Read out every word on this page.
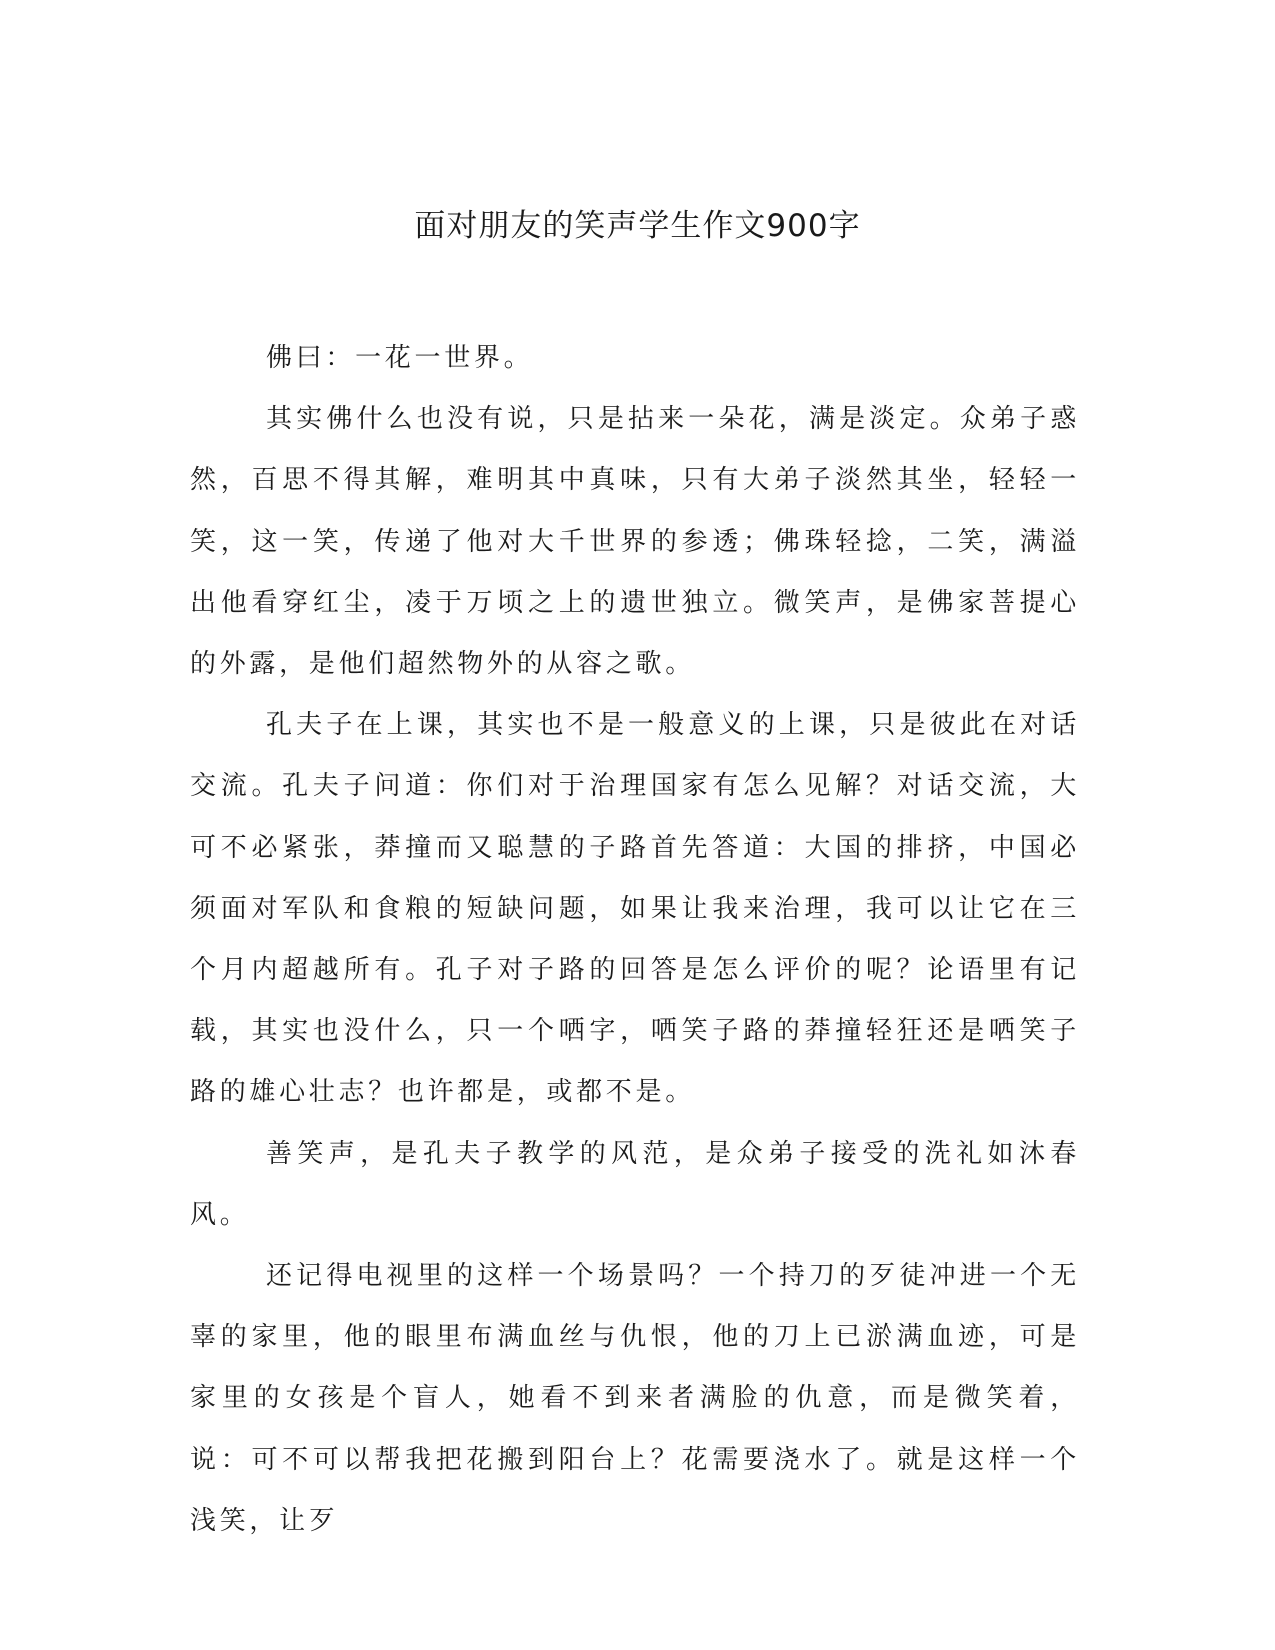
面对朋友的笑声学生作文900字

佛曰：一花一世界。

其实佛什么也没有说，只是拈来一朵花，满是淡定。众弟子惑然，百思不得其解，难明其中真味，只有大弟子淡然其坐，轻轻一笑，这一笑，传递了他对大千世界的参透；佛珠轻捻，二笑，满溢出他看穿红尘，凌于万顷之上的遗世独立。微笑声，是佛家菩提心的外露，是他们超然物外的从容之歌。

孔夫子在上课，其实也不是一般意义的上课，只是彼此在对话交流。孔夫子问道：你们对于治理国家有怎么见解？对话交流，大可不必紧张，莽撞而又聪慧的子路首先答道：大国的排挤，中国必须面对军队和食粮的短缺问题，如果让我来治理，我可以让它在三个月内超越所有。孔子对子路的回答是怎么评价的呢？论语里有记载，其实也没什么，只一个哂字，哂笑子路的莽撞轻狂还是哂笑子路的雄心壮志？也许都是，或都不是。

善笑声，是孔夫子教学的风范，是众弟子接受的洗礼如沐春风。

还记得电视里的这样一个场景吗？一个持刀的歹徒冲进一个无辜的家里，他的眼里布满血丝与仇恨，他的刀上已淤满血迹，可是家里的女孩是个盲人，她看不到来者满脸的仇意，而是微笑着，说：可不可以帮我把花搬到阳台上？花需要浇水了。就是这样一个浅笑，让歹
